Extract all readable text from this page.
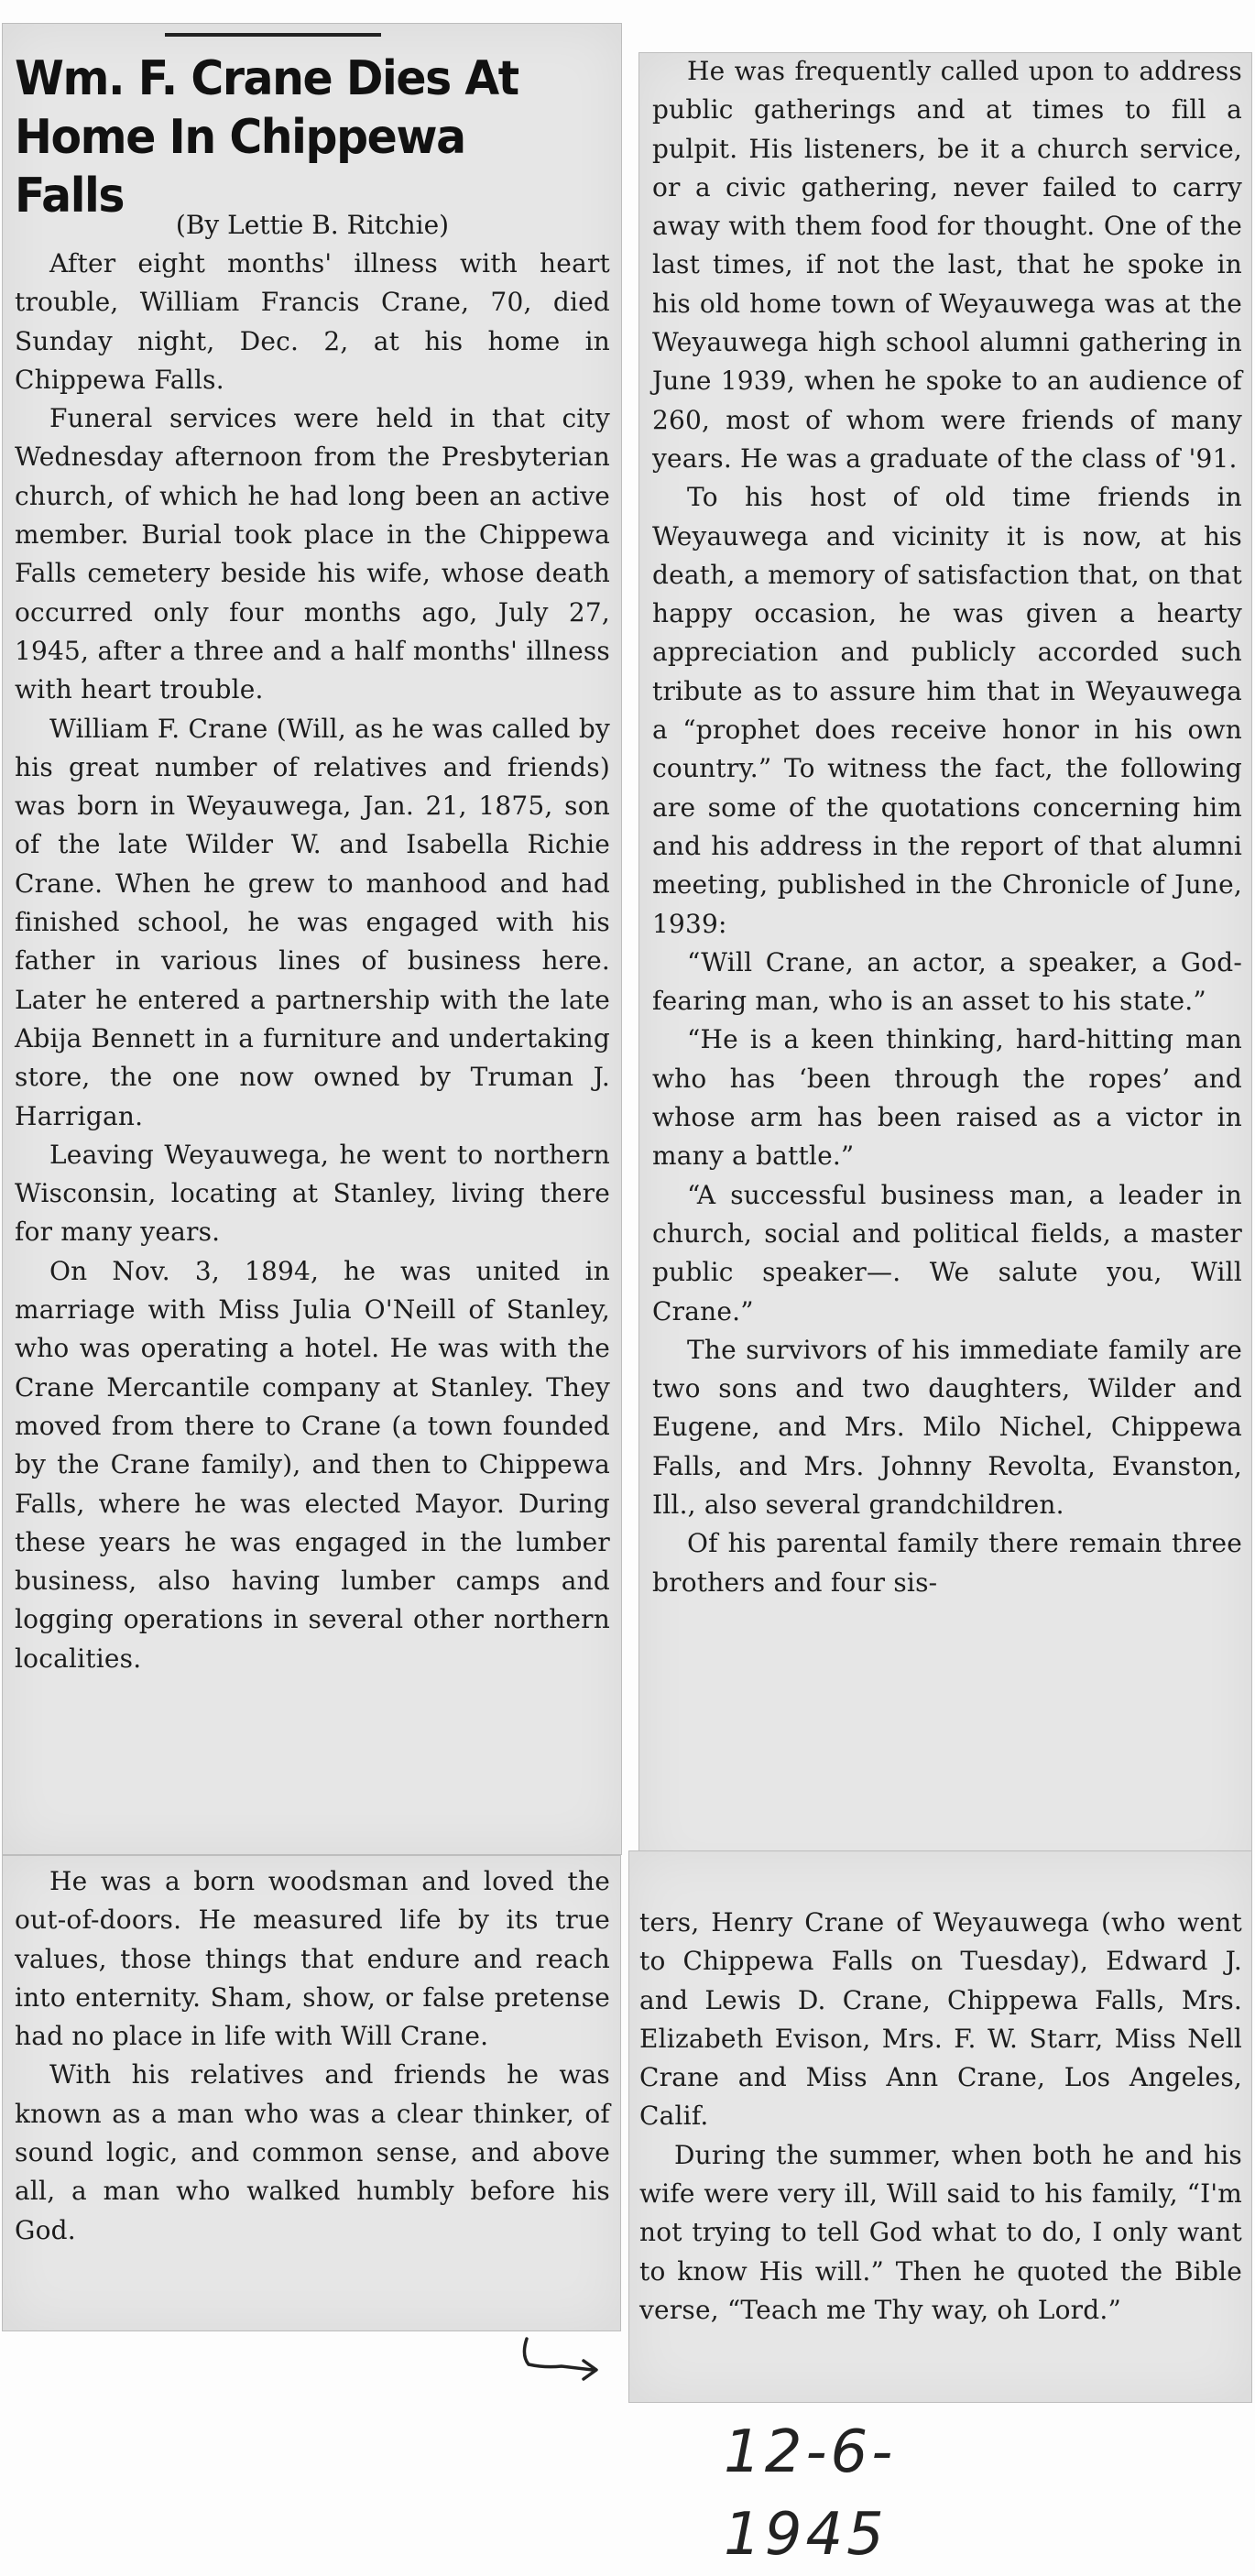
Wm. F. Crane Dies At Home In Chippewa Falls
(By Lettie B. Ritchie)

After eight months' illness with heart trouble, William Francis Crane, 70, died Sunday night, Dec. 2, at his home in Chippewa Falls.

Funeral services were held in that city Wednesday afternoon from the Presbyterian church, of which he had long been an active member. Burial took place in the Chippewa Falls cemetery beside his wife, whose death occurred only four months ago, July 27, 1945, after a three and a half months' illness with heart trouble.

William F. Crane (Will, as he was called by his great number of relatives and friends) was born in Weyauwega, Jan. 21, 1875, son of the late Wilder W. and Isabella Richie Crane. When he grew to manhood and had finished school, he was engaged with his father in various lines of business here. Later he entered a partnership with the late Abija Bennett in a furniture and undertaking store, the one now owned by Truman J. Harrigan.

Leaving Weyauwega, he went to northern Wisconsin, locating at Stanley, living there for many years.

On Nov. 3, 1894, he was united in marriage with Miss Julia O'Neill of Stanley, who was operating a hotel. He was with the Crane Mercantile company at Stanley. They moved from there to Crane (a town founded by the Crane family), and then to Chippewa Falls, where he was elected Mayor. During these years he was engaged in the lumber business, also having lumber camps and logging operations in several other northern localities.

He was a born woodsman and loved the out-of-doors. He measured life by its true values, those things that endure and reach into enternity. Sham, show, or false pretense had no place in life with Will Crane.

With his relatives and friends he was known as a man who was a clear thinker, of sound logic, and common sense, and above all, a man who walked humbly before his God.

He was frequently called upon to address public gatherings and at times to fill a pulpit. His listeners, be it a church service, or a civic gathering, never failed to carry away with them food for thought. One of the last times, if not the last, that he spoke in his old home town of Weyauwega was at the Weyauwega high school alumni gathering in June 1939, when he spoke to an audience of 260, most of whom were friends of many years. He was a graduate of the class of '91.

To his host of old time friends in Weyauwega and vicinity it is now, at his death, a memory of satisfaction that, on that happy occasion, he was given a hearty appreciation and publicly accorded such tribute as to assure him that in Weyauwega a “prophet does receive honor in his own country.” To witness the fact, the following are some of the quotations concerning him and his address in the report of that alumni meeting, published in the Chronicle of June, 1939:

“Will Crane, an actor, a speaker, a God-fearing man, who is an asset to his state.”

“He is a keen thinking, hard-hitting man who has ‘been through the ropes’ and whose arm has been raised as a victor in many a battle.”

“A successful business man, a leader in church, social and political fields, a master public speaker—. We salute you, Will Crane.”

The survivors of his immediate family are two sons and two daughters, Wilder and Eugene, and Mrs. Milo Nichel, Chippewa Falls, and Mrs. Johnny Revolta, Evanston, Ill., also several grandchildren.

Of his parental family there remain three brothers and four sis-

ters, Henry Crane of Weyauwega (who went to Chippewa Falls on Tuesday), Edward J. and Lewis D. Crane, Chippewa Falls, Mrs. Elizabeth Evison, Mrs. F. W. Starr, Miss Nell Crane and Miss Ann Crane, Los Angeles, Calif.

During the summer, when both he and his wife were very ill, Will said to his family, “I'm not trying to tell God what to do, I only want to know His will.” Then he quoted the Bible verse, “Teach me Thy way, oh Lord.”

12-6-1945
